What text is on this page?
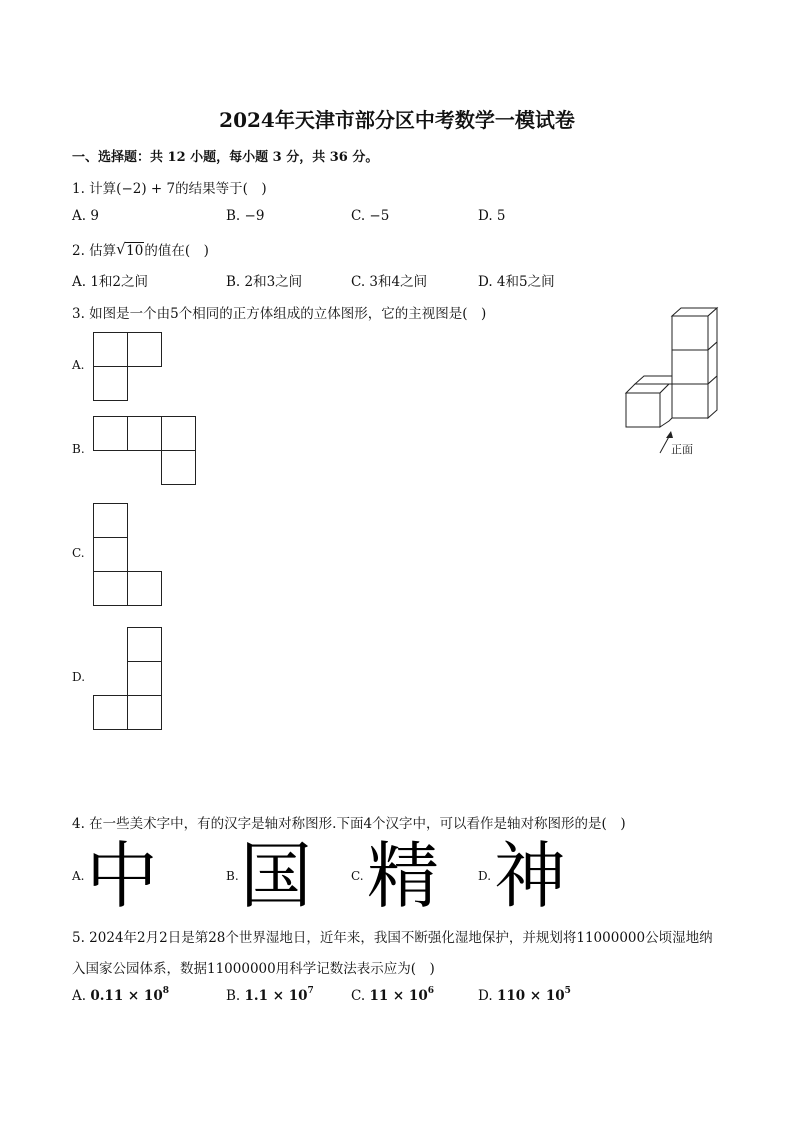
2024年天津市部分区中考数学一模试卷
一、选择题：共 12 小题，每小题 3 分，共 36 分。
1. 计算(−2) + 7的结果等于(　)
A. 9	B. −9	C. −5	D. 5
2. 估算 √ 10的值在(　)
A. 1和2之间	B. 2和3之间	C. 3和4之间	D. 4和5之间
3. 如图是一个由5个相同的正方体组成的立体图形，它的主视图是(　)
A.
B.
C.
D.
正面
4. 在一些美术字中，有的汉字是轴对称图形.下面4个汉字中，可以看作是轴对称图形的是(　)
A. 中	B. 国	C. 精	D. 神
5. 2024年2月2日是第28个世界湿地日，近年来，我国不断强化湿地保护，并规划将11000000公顷湿地纳
入国家公园体系，数据11000000用科学记数法表示应为(　)
A. $0.11 \times 10^8$	B. $1.1 \times 10^7$	C. $11 \times 10^6$	D. $110 \times 10^5$
